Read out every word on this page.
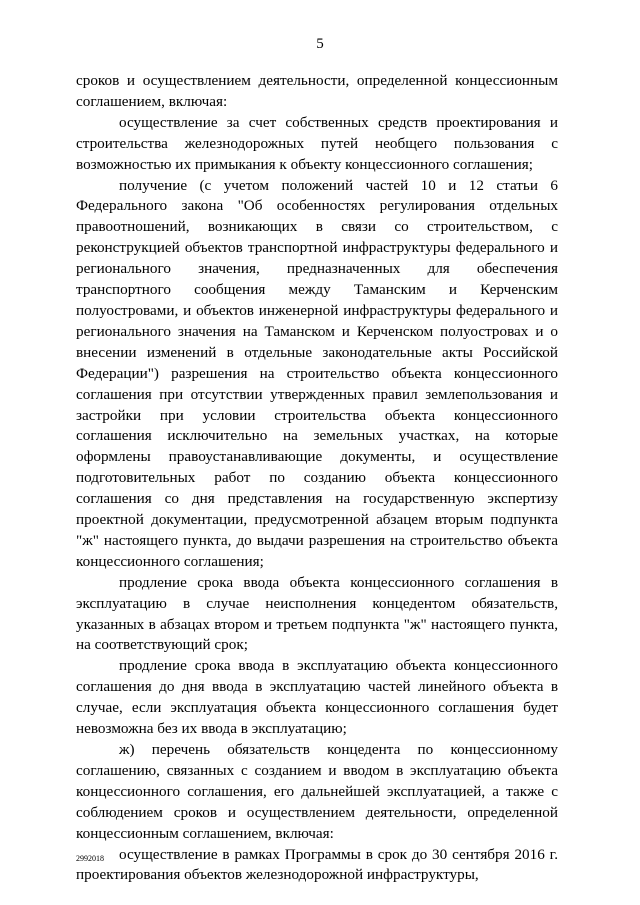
5

сроков и осуществлением деятельности, определенной концессионным соглашением, включая:

осуществление за счет собственных средств проектирования и строительства железнодорожных путей необщего пользования с возможностью их примыкания к объекту концессионного соглашения;

получение (с учетом положений частей 10 и 12 статьи 6 Федерального закона "Об особенностях регулирования отдельных правоотношений, возникающих в связи со строительством, с реконструкцией объектов транспортной инфраструктуры федерального и регионального значения, предназначенных для обеспечения транспортного сообщения между Таманским и Керченским полуостровами, и объектов инженерной инфраструктуры федерального и регионального значения на Таманском и Керченском полуостровах и о внесении изменений в отдельные законодательные акты Российской Федерации") разрешения на строительство объекта концессионного соглашения при отсутствии утвержденных правил землепользования и застройки при условии строительства объекта концессионного соглашения исключительно на земельных участках, на которые оформлены правоустанавливающие документы, и осуществление подготовительных работ по созданию объекта концессионного соглашения со дня представления на государственную экспертизу проектной документации, предусмотренной абзацем вторым подпункта "ж" настоящего пункта, до выдачи разрешения на строительство объекта концессионного соглашения;

продление срока ввода объекта концессионного соглашения в эксплуатацию в случае неисполнения концедентом обязательств, указанных в абзацах втором и третьем подпункта "ж" настоящего пункта, на соответствующий срок;

продление срока ввода в эксплуатацию объекта концессионного соглашения до дня ввода в эксплуатацию частей линейного объекта в случае, если эксплуатация объекта концессионного соглашения будет невозможна без их ввода в эксплуатацию;

ж) перечень обязательств концедента по концессионному соглашению, связанных с созданием и вводом в эксплуатацию объекта концессионного соглашения, его дальнейшей эксплуатацией, а также с соблюдением сроков и осуществлением деятельности, определенной концессионным соглашением, включая:

осуществление в рамках Программы в срок до 30 сентября 2016 г. проектирования объектов железнодорожной инфраструктуры,

2992018
